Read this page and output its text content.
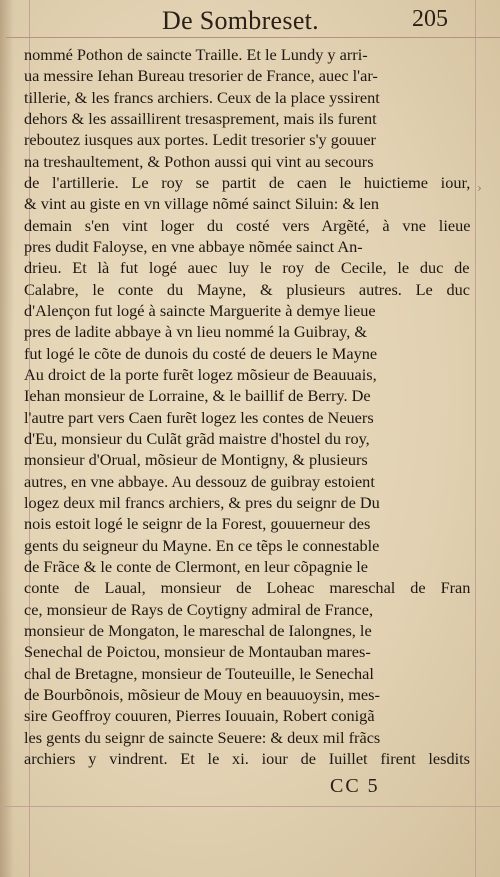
De Sombreset.	205
nommé Pothon de saincte Traille. Et le Lundy y arri-
ua messire Iehan Bureau tresorier de France, auec l'ar-
tillerie, & les francs archiers. Ceux de la place yssirent
dehors & les assaillirent tresasprement, mais ils furent
reboutez iusques aux portes. Ledit tresorier s'y gouuer
na treshaultement, & Pothon aussi qui vint au secours
de l'artillerie. Le roy se partit de caen le huictieme iour,
& vint au giste en vn village nõmé sainct Siluin: & len
demain s'en vint loger du costé vers Argẽté, à vne lieue
pres dudit Faloyse, en vne abbaye nõmée sainct An-
drieu. Et là fut logé auec luy le roy de Cecile, le duc de
Calabre, le conte du Mayne, & plusieurs autres. Le duc
d'Alençon fut logé à saincte Marguerite à demye lieue
pres de ladite abbaye à vn lieu nommé la Guibray, &
fut logé le cõte de dunois du costé de deuers le Mayne
Au droict de la porte furẽt logez mõsieur de Beauuais,
Iehan monsieur de Lorraine, & le baillif de Berry. De
l'autre part vers Caen furẽt logez les contes de Neuers
d'Eu, monsieur du Culãt grãd maistre d'hostel du roy,
monsieur d'Orual, mõsieur de Montigny, & plusieurs
autres, en vne abbaye. Au dessouz de guibray estoient
logez deux mil francs archiers, & pres du seignr de Du
nois estoit logé le seignr de la Forest, gouuerneur des
gents du seigneur du Mayne. En ce tẽps le connestable
de Frãce & le conte de Clermont, en leur cõpagnie le
conte de Laual, monsieur de Loheac mareschal de Fran
ce, monsieur de Rays de Coytigny admiral de France,
monsieur de Mongaton, le mareschal de Ialongnes, le
Senechal de Poictou, monsieur de Montauban mares-
chal de Bretagne, monsieur de Touteuille, le Senechal
de Bourbõnois, mõsieur de Mouy en beauuoysin, mes-
sire Geoffroy couuren, Pierres Iouuain, Robert conigã
les gents du seignr de saincte Seuere: & deux mil frãcs
archiers y vindrent. Et le xi. iour de Iuillet firent lesdits
›
CC 5
